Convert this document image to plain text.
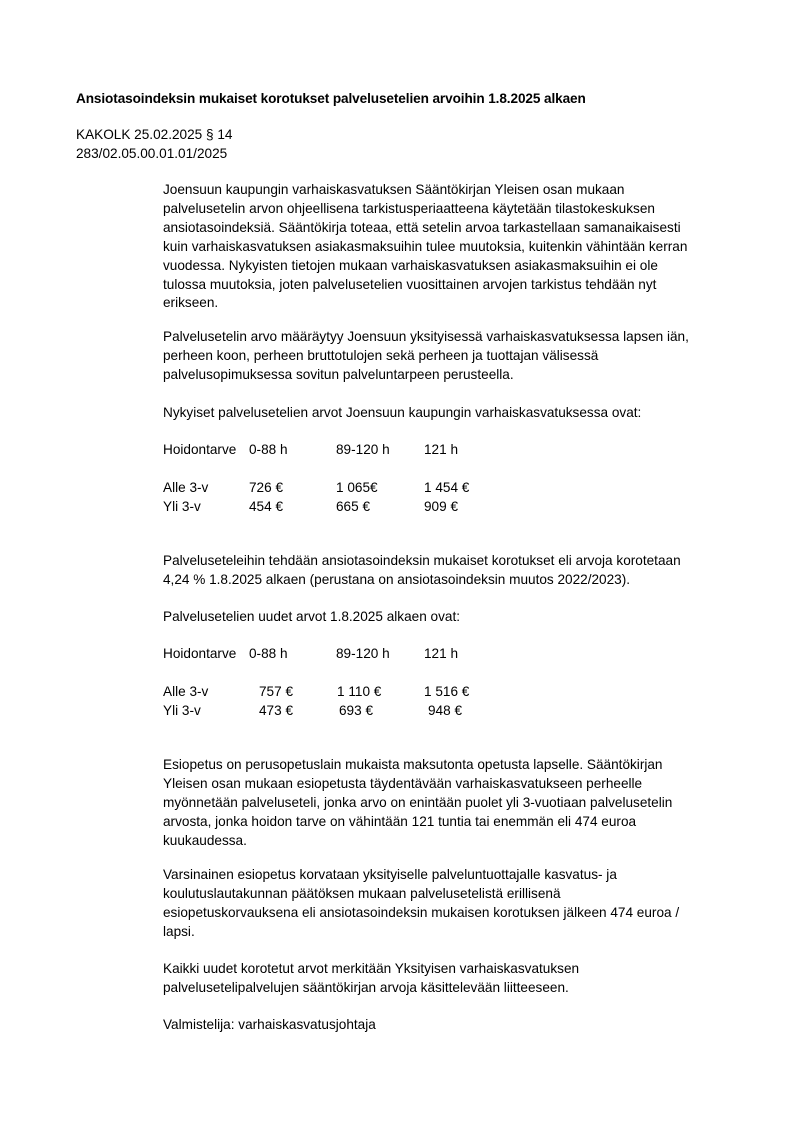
Ansiotasoindeksin mukaiset korotukset palvelusetelien arvoihin 1.8.2025 alkaen
KAKOLK 25.02.2025 § 14
283/02.05.00.01.01/2025
Joensuun kaupungin varhaiskasvatuksen Sääntökirjan Yleisen osan mukaan
palvelusetelin arvon ohjeellisena tarkistusperiaatteena käytetään tilastokeskuksen
ansiotasoindeksiä. Sääntökirja toteaa, että setelin arvoa tarkastellaan samanaikaisesti
kuin varhaiskasvatuksen asiakasmaksuihin tulee muutoksia, kuitenkin vähintään kerran
vuodessa. Nykyisten tietojen mukaan varhaiskasvatuksen asiakasmaksuihin ei ole
tulossa muutoksia, joten palvelusetelien vuosittainen arvojen tarkistus tehdään nyt
erikseen.
Palvelusetelin arvo määräytyy Joensuun yksityisessä varhaiskasvatuksessa lapsen iän,
perheen koon, perheen bruttotulojen sekä perheen ja tuottajan välisessä
palvelusopimuksessa sovitun palveluntarpeen perusteella.
Nykyiset palvelusetelien arvot Joensuun kaupungin varhaiskasvatuksessa ovat:
Hoidontarve 0-88 h	89-120 h	121 h
Alle 3-v	726 €	1 065€	1 454 €
Yli 3-v	454 €	665 €	909 €
Palveluseteleihin tehdään ansiotasoindeksin mukaiset korotukset eli arvoja korotetaan
4,24 % 1.8.2025 alkaen (perustana on ansiotasoindeksin muutos 2022/2023).
Palvelusetelien uudet arvot 1.8.2025 alkaen ovat:
Hoidontarve 0-88 h	89-120 h	121 h
Alle 3-v	757 €	1 110 €	1 516 €
Yli 3-v	473 €	693 €	948 €
Esiopetus on perusopetuslain mukaista maksutonta opetusta lapselle. Sääntökirjan
Yleisen osan mukaan esiopetusta täydentävään varhaiskasvatukseen perheelle
myönnetään palveluseteli, jonka arvo on enintään puolet yli 3-vuotiaan palvelusetelin
arvosta, jonka hoidon tarve on vähintään 121 tuntia tai enemmän eli 474 euroa
kuukaudessa.
Varsinainen esiopetus korvataan yksityiselle palveluntuottajalle kasvatus- ja
koulutuslautakunnan päätöksen mukaan palvelusetelistä erillisenä
esiopetuskorvauksena eli ansiotasoindeksin mukaisen korotuksen jälkeen 474 euroa /
lapsi.
Kaikki uudet korotetut arvot merkitään Yksityisen varhaiskasvatuksen
palvelusetelipalvelujen sääntökirjan arvoja käsittelevään liitteeseen.
Valmistelija: varhaiskasvatusjohtaja
